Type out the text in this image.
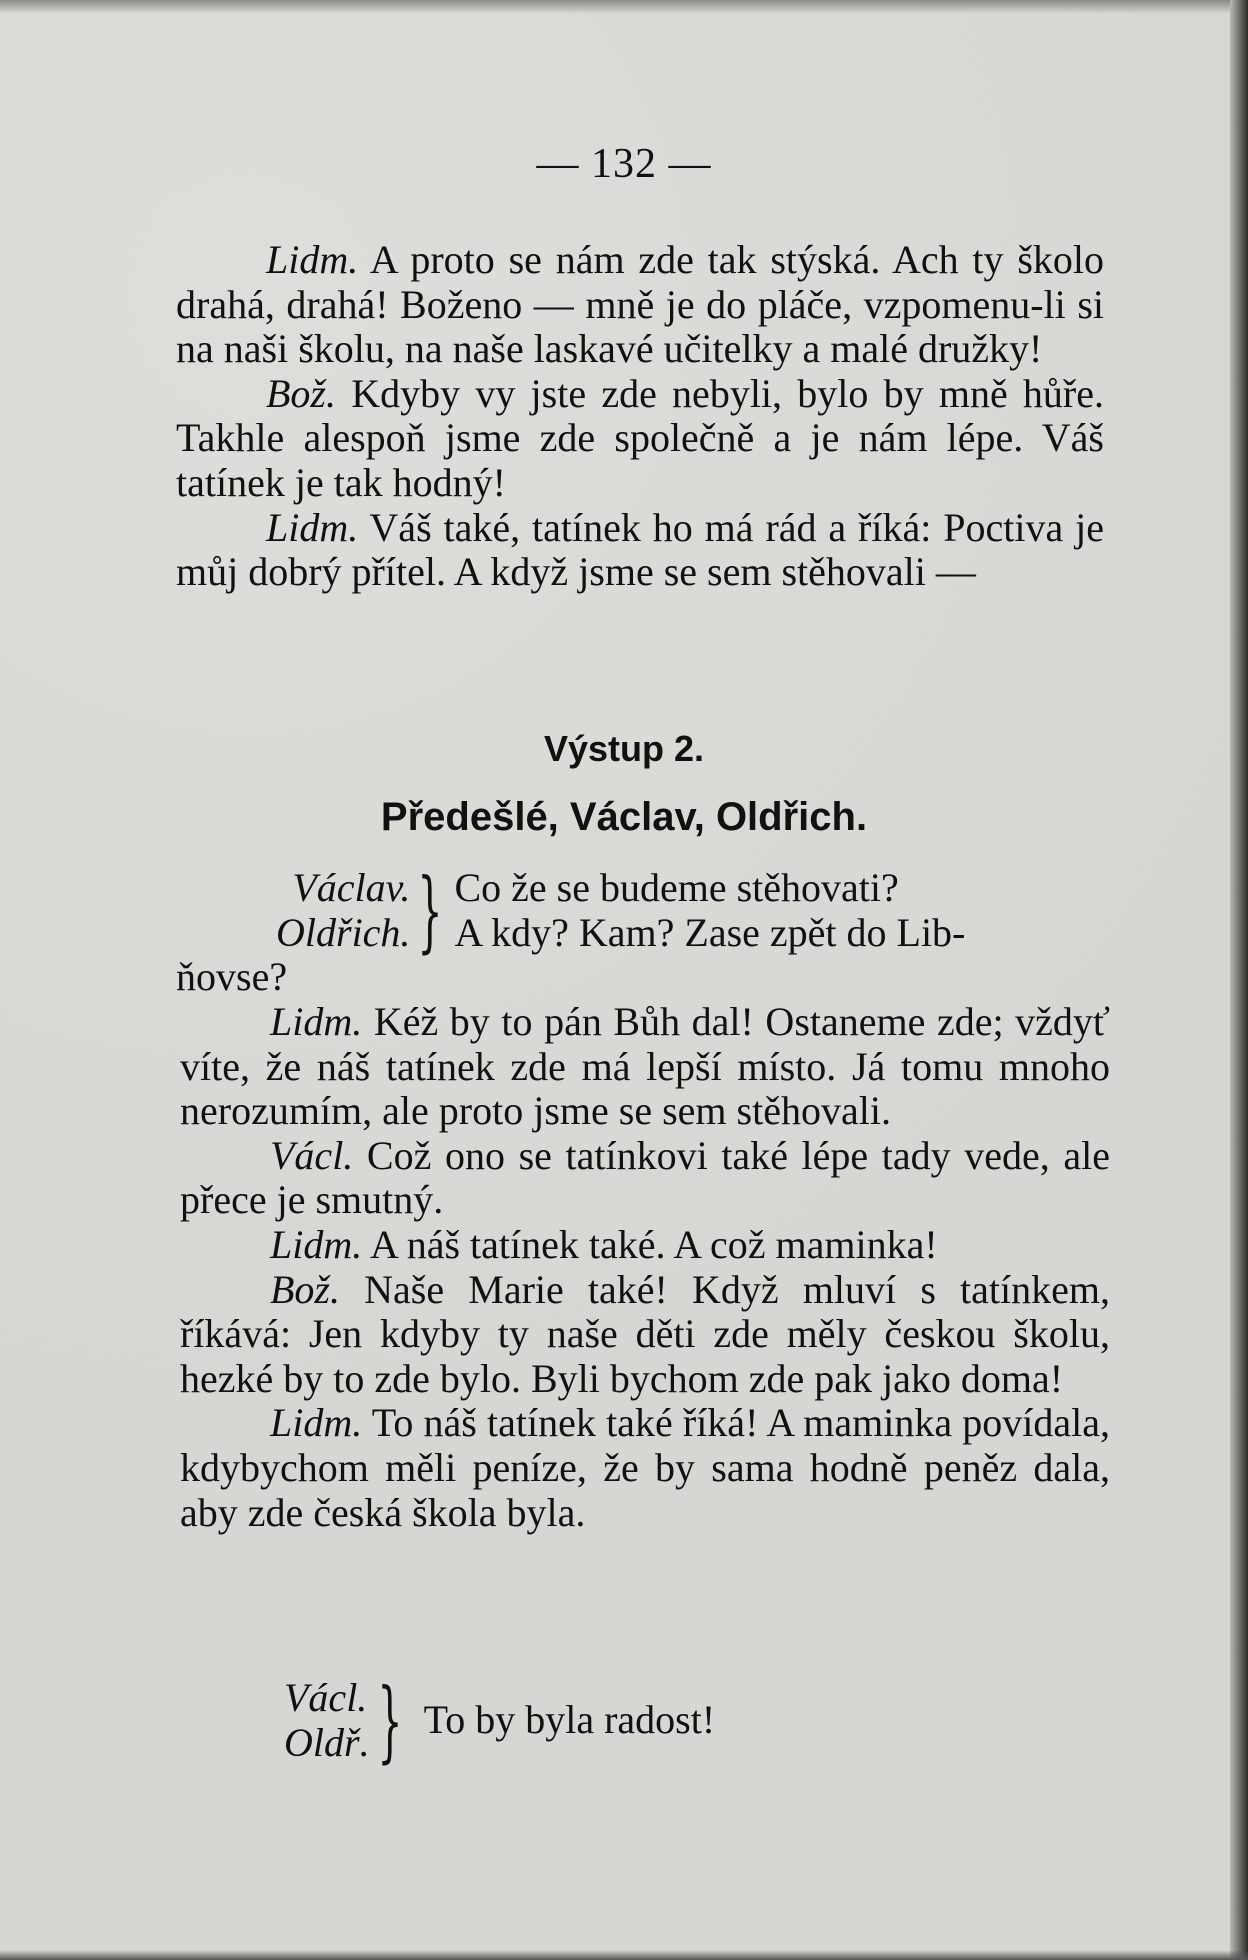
— 132 —

Lidm. A proto se nám zde tak stýská. Ach ty školo drahá, drahá! Boženo — mně je do pláče, vzpomenu-li si na naši školu, na naše laskavé učitelky a malé družky!

Bož. Kdyby vy jste zde nebyli, bylo by mně hůře. Takhle alespoň jsme zde společně a je nám lépe. Váš tatínek je tak hodný!

Lidm. Váš také, tatínek ho má rád a říká: Poctiva je můj dobrý přítel. A když jsme se sem stěhovali —

Výstup 2.
Předešlé, Václav, Oldřich.
Václav.
Oldřich. } Co že se budeme stěhovati?
A kdy? Kam? Zase zpět do Lib-

ňovse?

Lidm. Kéž by to pán Bůh dal! Ostaneme zde; vždyť víte, že náš tatínek zde má lepší místo. Já tomu mnoho nerozumím, ale proto jsme se sem stěhovali.

Václ. Což ono se tatínkovi také lépe tady vede, ale přece je smutný.

Lidm. A náš tatínek také. A což maminka!

Bož. Naše Marie také! Když mluví s tatínkem, říkává: Jen kdyby ty naše děti zde měly českou školu, hezké by to zde bylo. Byli bychom zde pak jako doma!

Lidm. To náš tatínek také říká! A maminka povídala, kdybychom měli peníze, že by sama hodně peněz dala, aby zde česká škola byla.

Václ.
Oldř. } To by byla radost!
